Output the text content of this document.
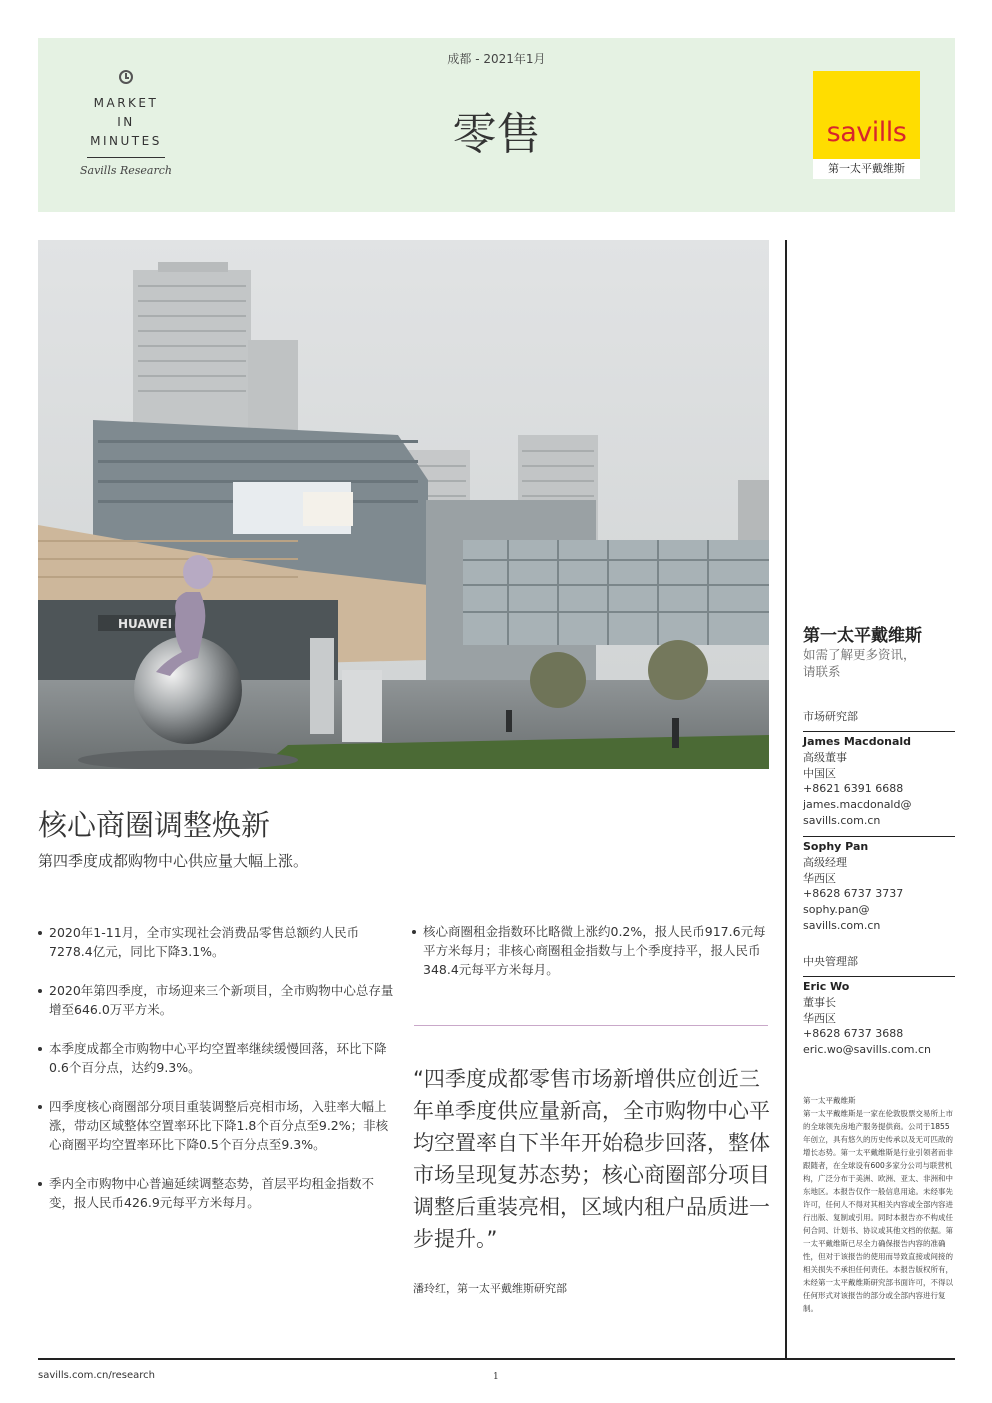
MARKET
IN
MINUTES
Savills Research
成都 - 2021年1月
零售	savills
第一太平戴维斯
HUAWEI
核心商圈调整焕新
第四季度成都购物中心供应量大幅上涨。
2020年1-11月，全市实现社会消费品零售总额约人民币7278.4亿元，同比下降3.1%。
2020年第四季度，市场迎来三个新项目，全市购物中心总存量增至646.0万平方米。
本季度成都全市购物中心平均空置率继续缓慢回落，环比下降0.6个百分点，达约9.3%。
四季度核心商圈部分项目重装调整后亮相市场，入驻率大幅上涨，带动区域整体空置率环比下降1.8个百分点至9.2%；非核心商圈平均空置率环比下降0.5个百分点至9.3%。
季内全市购物中心普遍延续调整态势，首层平均租金指数不变，报人民币426.9元每平方米每月。
核心商圈租金指数环比略微上涨约0.2%，报人民币917.6元每平方米每月；非核心商圈租金指数与上个季度持平，报人民币348.4元每平方米每月。
“四季度成都零售市场新增供应创近三年单季度供应量新高，全市购物中心平均空置率自下半年开始稳步回落，整体市场呈现复苏态势；核心商圈部分项目调整后重装亮相，区域内租户品质进一步提升。”
潘玲红，第一太平戴维斯研究部
第一太平戴维斯
如需了解更多资讯，
请联系
市场研究部
James Macdonald
高级董事
中国区
+8621 6391 6688
james.macdonald@
savills.com.cn
Sophy Pan
高级经理
华西区
+8628 6737 3737
sophy.pan@
savills.com.cn
中央管理部
Eric Wo
董事长
华西区
+8628 6737 3688
eric.wo@savills.com.cn
第一太平戴维斯
第一太平戴维斯是一家在伦敦股票交易所上市的全球领先房地产服务提供商。公司于1855年创立，具有悠久的历史传承以及无可匹敌的增长态势。第一太平戴维斯是行业引领者而非跟随者，在全球设有600多家分公司与联营机构，广泛分布于美洲、欧洲、亚太、非洲和中东地区。本报告仅作一般信息用途。未经事先许可，任何人不得对其相关内容或全部内容进行出版、复制或引用。同时本报告亦不构成任何合同、计划书、协议或其他文档的依据。第一太平戴维斯已尽全力确保报告内容的准确性，但对于该报告的使用而导致直接或间接的相关损失不承担任何责任。本报告版权所有，未经第一太平戴维斯研究部书面许可，不得以任何形式对该报告的部分或全部内容进行复制。
savills.com.cn/research	1
